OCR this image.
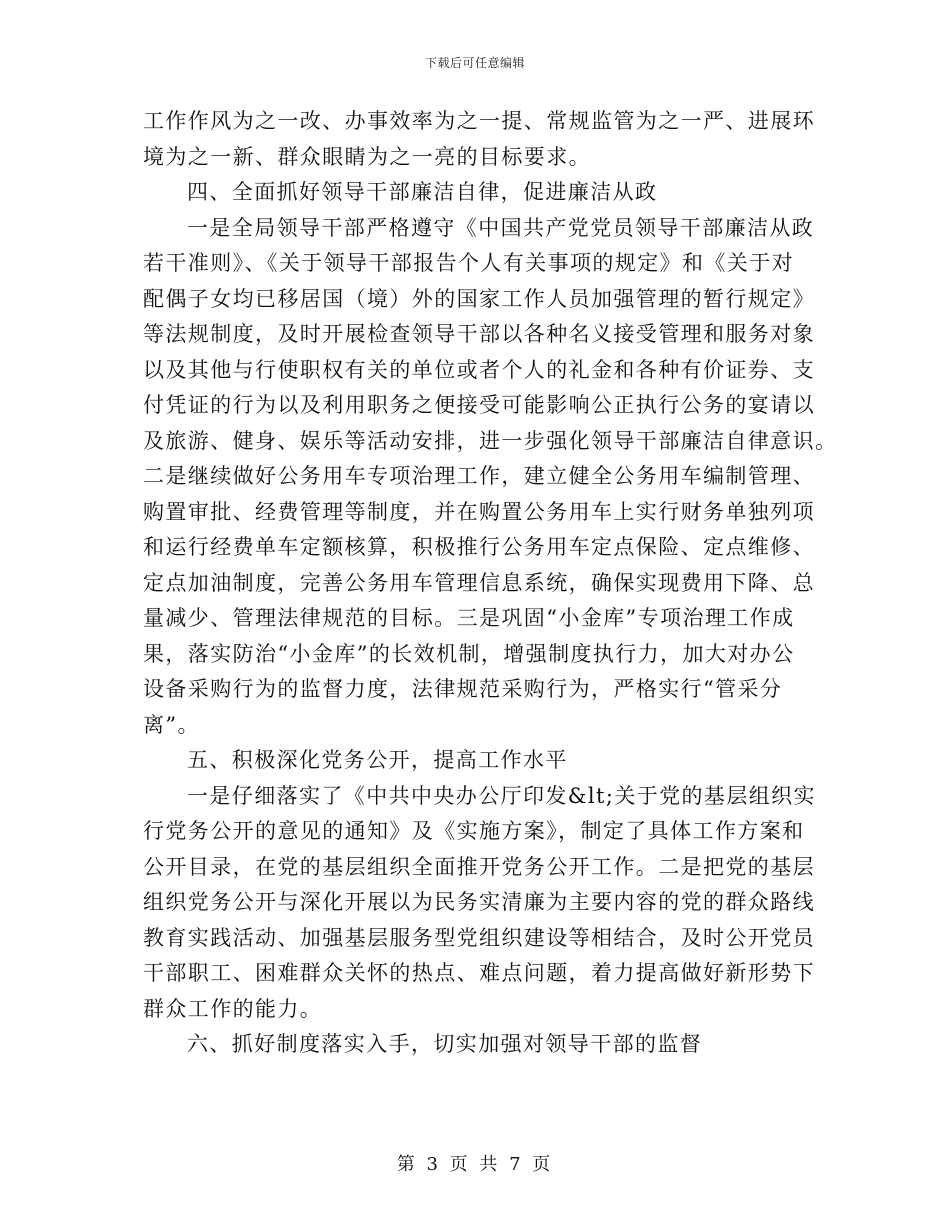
下载后可任意编辑
工作作风为之一改、办事效率为之一提、常规监管为之一严、进展环
境为之一新、群众眼睛为之一亮的目标要求。
四、全面抓好领导干部廉洁自律，促进廉洁从政
一是全局领导干部严格遵守《中国共产党党员领导干部廉洁从政
若干准则》、《关于领导干部报告个人有关事项的规定》和《关于对
配偶子女均已移居国（境）外的国家工作人员加强管理的暂行规定》
等法规制度，及时开展检查领导干部以各种名义接受管理和服务对象
以及其他与行使职权有关的单位或者个人的礼金和各种有价证券、支
付凭证的行为以及利用职务之便接受可能影响公正执行公务的宴请以
及旅游、健身、娱乐等活动安排，进一步强化领导干部廉洁自律意识。
二是继续做好公务用车专项治理工作，建立健全公务用车编制管理、
购置审批、经费管理等制度，并在购置公务用车上实行财务单独列项
和运行经费单车定额核算，积极推行公务用车定点保险、定点维修、
定点加油制度，完善公务用车管理信息系统，确保实现费用下降、总
量减少、管理法律规范的目标。三是巩固“小金库”专项治理工作成
果，落实防治“小金库”的长效机制，增强制度执行力，加大对办公
设备采购行为的监督力度，法律规范采购行为，严格实行“管采分
离”。
五、积极深化党务公开，提高工作水平
一是仔细落实了《中共中央办公厅印发&lt;关于党的基层组织实
行党务公开的意见的通知》及《实施方案》，制定了具体工作方案和
公开目录，在党的基层组织全面推开党务公开工作。二是把党的基层
组织党务公开与深化开展以为民务实清廉为主要内容的党的群众路线
教育实践活动、加强基层服务型党组织建设等相结合，及时公开党员
干部职工、困难群众关怀的热点、难点问题，着力提高做好新形势下
群众工作的能力。
六、抓好制度落实入手，切实加强对领导干部的监督
第 3 页 共 7 页
